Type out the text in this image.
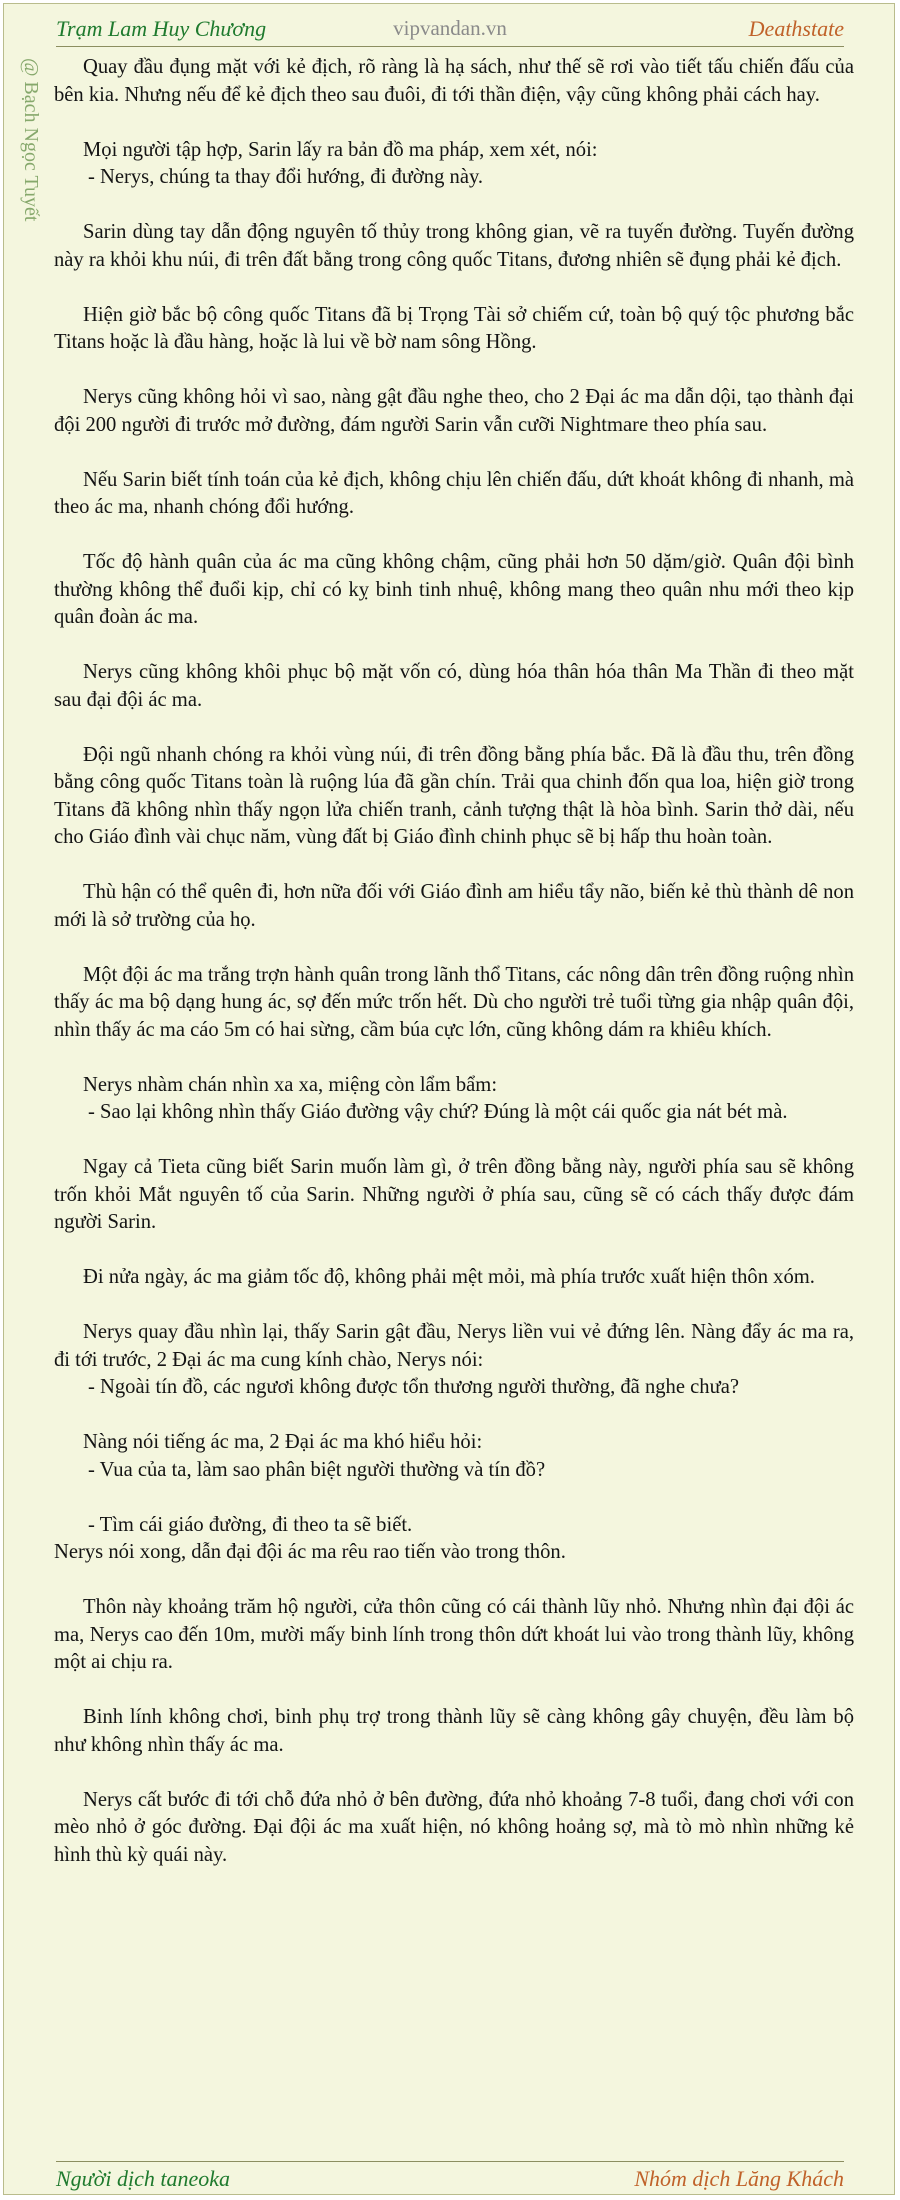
Trạm Lam Huy Chương	vipvandan.vn	Deathstate
@ Bạch Ngọc Tuyết	Quay đầu đụng mặt với kẻ địch, rõ ràng là hạ sách, như thế sẽ rơi vào tiết tấu chiến đấu của bên kia. Nhưng nếu để kẻ địch theo sau đuôi, đi tới thần điện, vậy cũng không phải cách hay.

Mọi người tập hợp, Sarin lấy ra bản đồ ma pháp, xem xét, nói:

- Nerys, chúng ta thay đổi hướng, đi đường này.

Sarin dùng tay dẫn động nguyên tố thủy trong không gian, vẽ ra tuyến đường. Tuyến đường này ra khỏi khu núi, đi trên đất bằng trong công quốc Titans, đương nhiên sẽ đụng phải kẻ địch.

Hiện giờ bắc bộ công quốc Titans đã bị Trọng Tài sở chiếm cứ, toàn bộ quý tộc phương bắc Titans hoặc là đầu hàng, hoặc là lui về bờ nam sông Hồng.

Nerys cũng không hỏi vì sao, nàng gật đầu nghe theo, cho 2 Đại ác ma dẫn dội, tạo thành đại đội 200 người đi trước mở đường, đám người Sarin vẫn cưỡi Nightmare theo phía sau.

Nếu Sarin biết tính toán của kẻ địch, không chịu lên chiến đấu, dứt khoát không đi nhanh, mà theo ác ma, nhanh chóng đổi hướng.

Tốc độ hành quân của ác ma cũng không chậm, cũng phải hơn 50 dặm/giờ. Quân đội bình thường không thể đuổi kịp, chỉ có kỵ binh tinh nhuệ, không mang theo quân nhu mới theo kịp quân đoàn ác ma.

Nerys cũng không khôi phục bộ mặt vốn có, dùng hóa thân hóa thân Ma Thần đi theo mặt sau đại đội ác ma.

Đội ngũ nhanh chóng ra khỏi vùng núi, đi trên đồng bằng phía bắc. Đã là đầu thu, trên đồng bằng công quốc Titans toàn là ruộng lúa đã gần chín. Trải qua chinh đốn qua loa, hiện giờ trong Titans đã không nhìn thấy ngọn lửa chiến tranh, cảnh tượng thật là hòa bình. Sarin thở dài, nếu cho Giáo đình vài chục năm, vùng đất bị Giáo đình chinh phục sẽ bị hấp thu hoàn toàn.

Thù hận có thể quên đi, hơn nữa đối với Giáo đình am hiểu tẩy não, biến kẻ thù thành dê non mới là sở trường của họ.

Một đội ác ma trắng trợn hành quân trong lãnh thổ Titans, các nông dân trên đồng ruộng nhìn thấy ác ma bộ dạng hung ác, sợ đến mức trốn hết. Dù cho người trẻ tuổi từng gia nhập quân đội, nhìn thấy ác ma cáo 5m có hai sừng, cầm búa cực lớn, cũng không dám ra khiêu khích.

Nerys nhàm chán nhìn xa xa, miệng còn lẩm bẩm:

- Sao lại không nhìn thấy Giáo đường vậy chứ? Đúng là một cái quốc gia nát bét mà.

Ngay cả Tieta cũng biết Sarin muốn làm gì, ở trên đồng bằng này, người phía sau sẽ không trốn khỏi Mắt nguyên tố của Sarin. Những người ở phía sau, cũng sẽ có cách thấy được đám người Sarin.

Đi nửa ngày, ác ma giảm tốc độ, không phải mệt mỏi, mà phía trước xuất hiện thôn xóm.

Nerys quay đầu nhìn lại, thấy Sarin gật đầu, Nerys liền vui vẻ đứng lên. Nàng đẩy ác ma ra, đi tới trước, 2 Đại ác ma cung kính chào, Nerys nói:

- Ngoài tín đồ, các ngươi không được tổn thương người thường, đã nghe chưa?

Nàng nói tiếng ác ma, 2 Đại ác ma khó hiểu hỏi:

- Vua của ta, làm sao phân biệt người thường và tín đồ?

- Tìm cái giáo đường, đi theo ta sẽ biết.

Nerys nói xong, dẫn đại đội ác ma rêu rao tiến vào trong thôn.

Thôn này khoảng trăm hộ người, cửa thôn cũng có cái thành lũy nhỏ. Nhưng nhìn đại đội ác ma, Nerys cao đến 10m, mười mấy binh lính trong thôn dứt khoát lui vào trong thành lũy, không một ai chịu ra.

Binh lính không chơi, binh phụ trợ trong thành lũy sẽ càng không gây chuyện, đều làm bộ như không nhìn thấy ác ma.

Nerys cất bước đi tới chỗ đứa nhỏ ở bên đường, đứa nhỏ khoảng 7-8 tuổi, đang chơi với con mèo nhỏ ở góc đường. Đại đội ác ma xuất hiện, nó không hoảng sợ, mà tò mò nhìn những kẻ hình thù kỳ quái này.

Người dịch taneoka	Nhóm dịch Lăng Khách
